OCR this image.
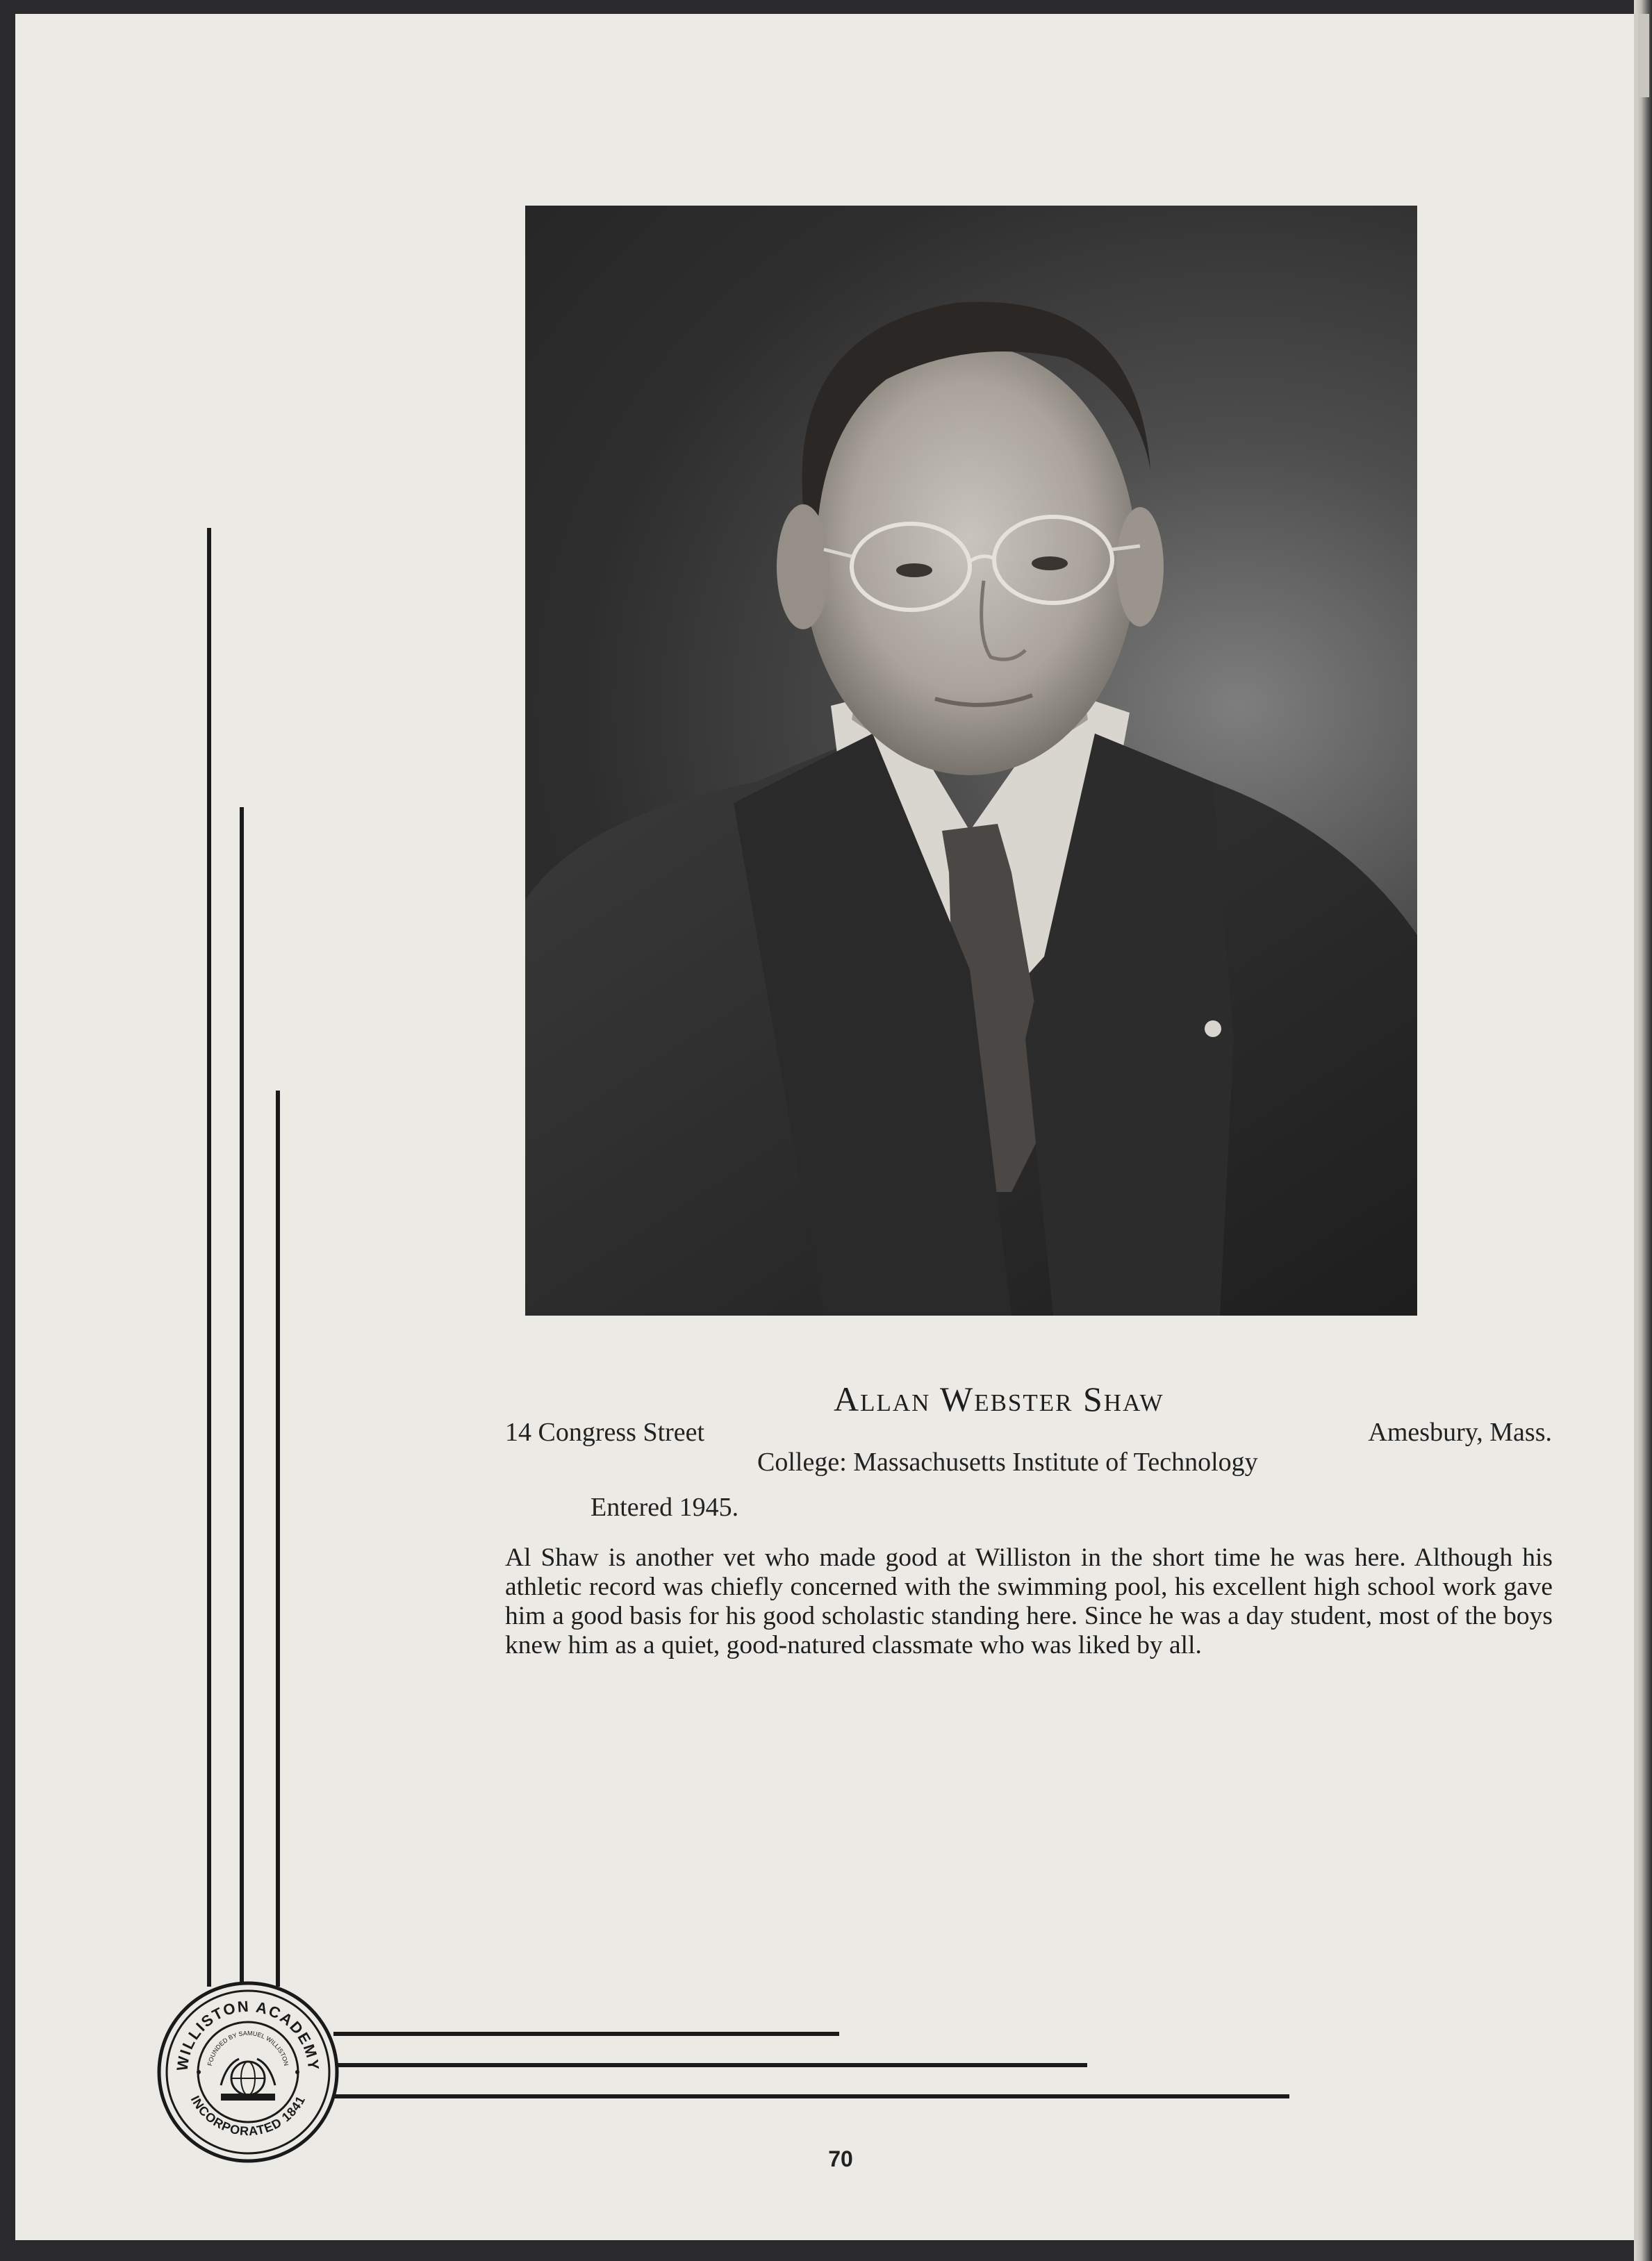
Allan Webster Shaw
14 Congress Street	Amesbury, Mass.
College: Massachusetts Institute of Technology
Entered 1945.
Al Shaw is another vet who made good at Williston in the short time he was here. Although his athletic record was chiefly concerned with the swimming pool, his excellent high school work gave him a good basis for his good scholastic standing here. Since he was a day student, most of the boys knew him as a quiet, good-natured classmate who was liked by all.
WILLISTON ACADEMY
INCORPORATED 1841
FOUNDED BY SAMUEL WILLISTON
70
